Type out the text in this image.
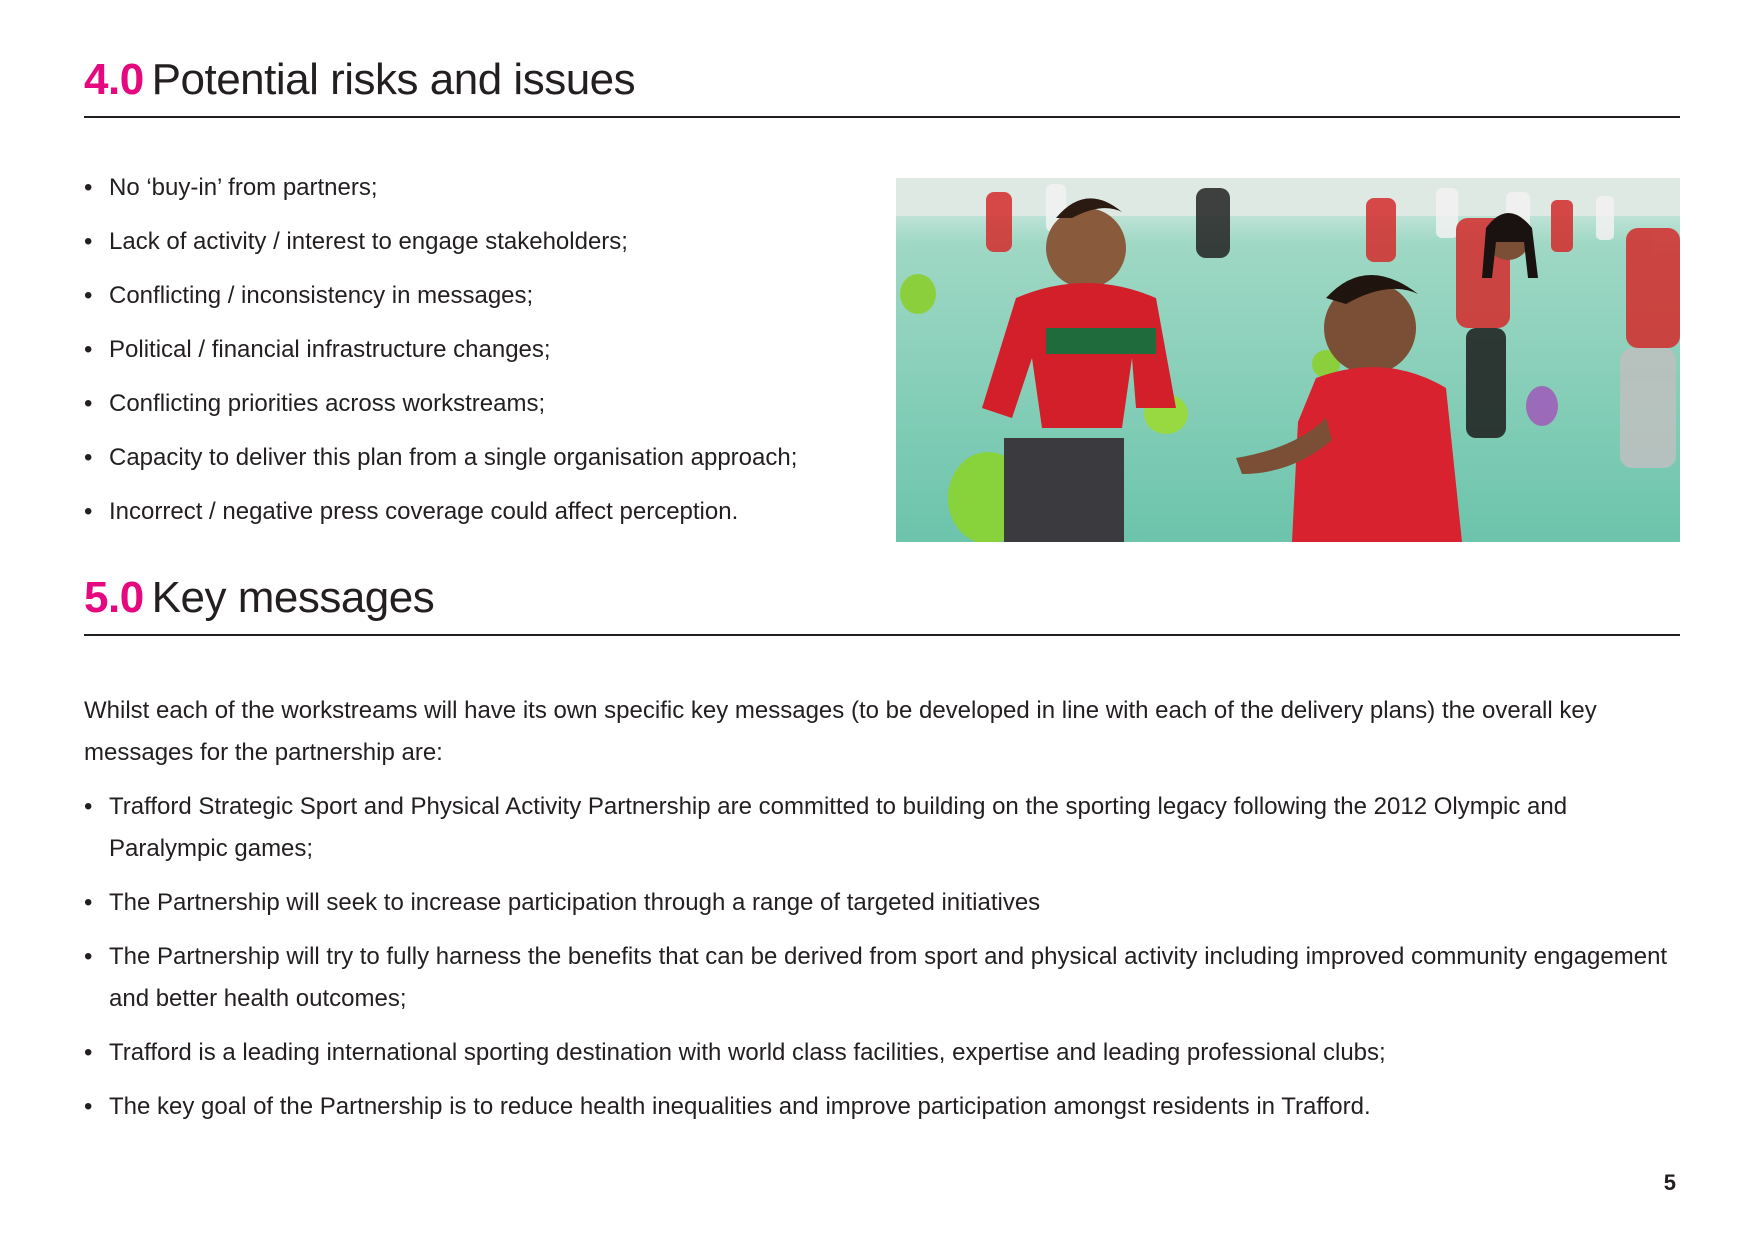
4.0 Potential risks and issues
• No ‘buy-in’ from partners;
• Lack of activity / interest to engage stakeholders;
• Conflicting / inconsistency in messages;
• Political / financial infrastructure changes;
• Conflicting priorities across workstreams;
• Capacity to deliver this plan from a single organisation approach;
• Incorrect / negative press coverage could affect perception.
5.0 Key messages

Whilst each of the workstreams will have its own specific key messages (to be developed in line with each of the delivery plans) the overall key messages for the partnership are:

• Trafford Strategic Sport and Physical Activity Partnership are committed to building on the sporting legacy following the 2012 Olympic and Paralympic games;
• The Partnership will seek to increase participation through a range of targeted initiatives
• The Partnership will try to fully harness the benefits that can be derived from sport and physical activity including improved community engagement and better health outcomes;
• Trafford is a leading international sporting destination with world class facilities, expertise and leading professional clubs;
• The key goal of the Partnership is to reduce health inequalities and improve participation amongst residents in Trafford.
5
